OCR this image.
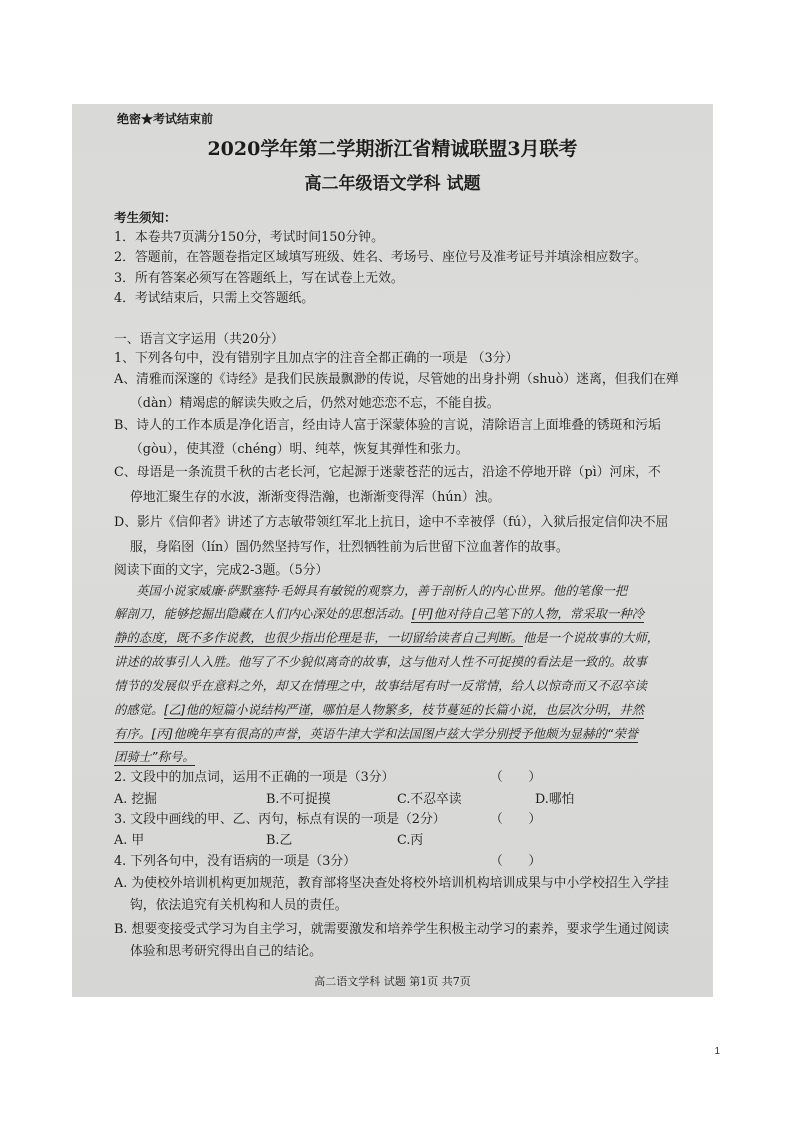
绝密★考试结束前
2020学年第二学期浙江省精诚联盟3月联考
高二年级语文学科 试题
考生须知：
1．本卷共7页满分150分，考试时间150分钟。
2．答题前，在答题卷指定区域填写班级、姓名、考场号、座位号及准考证号并填涂相应数字。
3．所有答案必须写在答题纸上，写在试卷上无效。
4．考试结束后，只需上交答题纸。
一、语言文字运用（共20分）
1、下列各句中，没有错别字且加点字的注音全都正确的一项是 （3分）
A、清雅而深邃的《诗经》是我们民族最飘渺的传说，尽管她的出身扑朔（shuò）迷离，但我们在殚
（dàn）精竭虑的解读失败之后，仍然对她恋恋不忘，不能自拔。
B、诗人的工作本质是净化语言，经由诗人富于深蒙体验的言说，清除语言上面堆叠的锈斑和污垢
（gòu），使其澄（chéng）明、纯萃，恢复其弹性和张力。
C、母语是一条流贯千秋的古老长河，它起源于迷蒙苍茫的远古，沿途不停地开辟（pì）河床，不
停地汇聚生存的水波，渐渐变得浩瀚，也渐渐变得浑（hún）浊。
D、影片《信仰者》讲述了方志敏带领红军北上抗日，途中不幸被俘（fú），入狱后报定信仰决不屈
服，身陷囹（lín）圄仍然坚持写作，壮烈牺牲前为后世留下泣血著作的故事。
阅读下面的文字，完成2-3题。（5分）
英国小说家威廉·萨默塞特·毛姆具有敏锐的观察力，善于剖析人的内心世界。他的笔像一把
解剖刀，能够挖掘出隐藏在人们内心深处的思想活动。[甲]他对待自己笔下的人物，常采取一种冷
静的态度，既不多作说教，也很少指出伦理是非，一切留给读者自己判断。他是一个说故事的大师，
讲述的故事引人入胜。他写了不少貌似离奇的故事，这与他对人性不可捉摸的看法是一致的。故事
情节的发展似乎在意料之外，却又在情理之中，故事结尾有时一反常情，给人以惊奇而又不忍卒读
的感觉。[乙]他的短篇小说结构严谨，哪怕是人物繁多，枝节蔓延的长篇小说，也层次分明，井然
有序。[丙]他晚年享有很高的声誉，英语牛津大学和法国图卢兹大学分别授予他颇为显赫的“荣誉
团骑士”称号。
2. 文段中的加点词，运用不正确的一项是（3分）	（　　）
A. 挖掘	B.不可捉摸	C.不忍卒读	D.哪怕
3. 文段中画线的甲、乙、丙句，标点有误的一项是（2分）	（　　）
A. 甲	B.乙	C.丙
4. 下列各句中，没有语病的一项是（3分）	（　　）
A. 为使校外培训机构更加规范，教育部将坚决查处将校外培训机构培训成果与中小学校招生入学挂
钩，依法追究有关机构和人员的责任。
B. 想要变接受式学习为自主学习，就需要激发和培养学生积极主动学习的素养，要求学生通过阅读
体验和思考研究得出自己的结论。
高二语文学科 试题 第1页 共7页
1
